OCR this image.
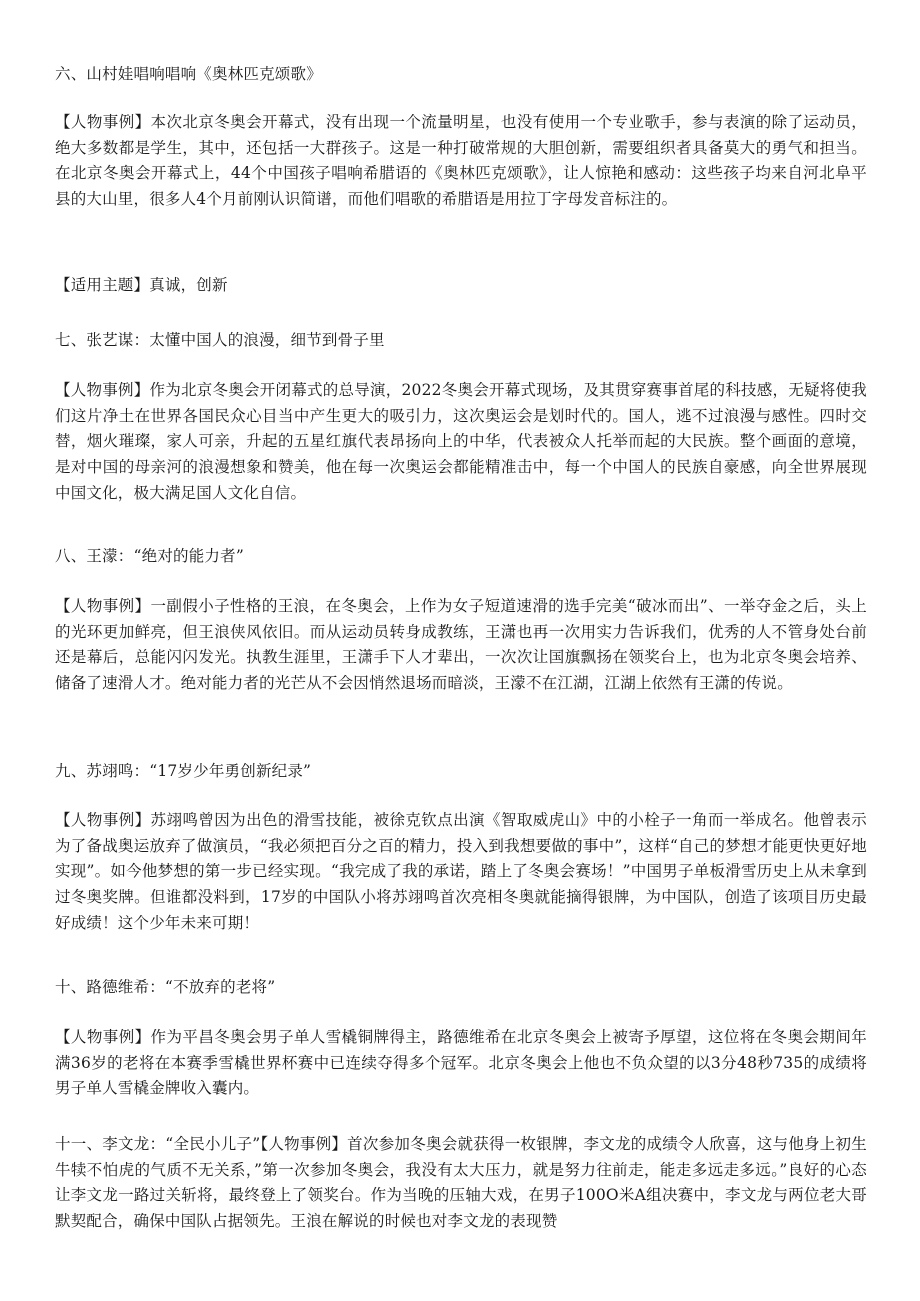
六、山村娃唱响唱响《奥林匹克颂歌》

【人物事例】本次北京冬奥会开幕式，没有出现一个流量明星，也没有使用一个专业歌手，参与表演的除了运动员，绝大多数都是学生，其中，还包括一大群孩子。这是一种打破常规的大胆创新，需要组织者具备莫大的勇气和担当。在北京冬奥会开幕式上，44个中国孩子唱响希腊语的《奥林匹克颂歌》，让人惊艳和感动：这些孩子均来自河北阜平县的大山里，很多人4个月前刚认识简谱，而他们唱歌的希腊语是用拉丁字母发音标注的。

【适用主题】真诚，创新

七、张艺谋：太懂中国人的浪漫，细节到骨子里

【人物事例】作为北京冬奥会开闭幕式的总导演，2022冬奥会开幕式现场，及其贯穿赛事首尾的科技感，无疑将使我们这片净土在世界各国民众心目当中产生更大的吸引力，这次奥运会是划时代的。国人，逃不过浪漫与感性。四时交替，烟火璀璨，家人可亲，升起的五星红旗代表昂扬向上的中华，代表被众人托举而起的大民族。整个画面的意境，是对中国的母亲河的浪漫想象和赞美，他在每一次奥运会都能精准击中，每一个中国人的民族自豪感，向全世界展现中国文化，极大满足国人文化自信。

八、王濛：“绝对的能力者”

【人物事例】一副假小子性格的王浪，在冬奥会，上作为女子短道速滑的选手完美“破冰而出”、一举夺金之后，头上的光环更加鲜亮，但王浪侠风依旧。而从运动员转身成教练，王潇也再一次用实力告诉我们，优秀的人不管身处台前还是幕后，总能闪闪发光。执教生涯里，王潇手下人才辈出，一次次让国旗飘扬在领奖台上，也为北京冬奥会培养、储备了速滑人才。绝对能力者的光芒从不会因悄然退场而暗淡，王濛不在江湖，江湖上依然有王潇的传说。

九、苏翊鸣：“17岁少年勇创新纪录”

【人物事例】苏翊鸣曾因为出色的滑雪技能，被徐克钦点出演《智取威虎山》中的小栓子一角而一举成名。他曾表示为了备战奥运放弃了做演员，“我必须把百分之百的精力，投入到我想要做的事中”，这样“自己的梦想才能更快更好地实现”。如今他梦想的第一步已经实现。“我完成了我的承诺，踏上了冬奥会赛场！”中国男子单板滑雪历史上从未拿到过冬奥奖牌。但谁都没料到，17岁的中国队小将苏翊鸣首次亮相冬奥就能摘得银牌，为中国队，创造了该项目历史最好成绩！这个少年未来可期！

十、路德维希：“不放弃的老将”

【人物事例】作为平昌冬奥会男子单人雪橇铜牌得主，路德维希在北京冬奥会上被寄予厚望，这位将在冬奥会期间年满36岁的老将在本赛季雪橇世界杯赛中已连续夺得多个冠军。北京冬奥会上他也不负众望的以3分48秒735的成绩将男子单人雪橇金牌收入囊内。

十一、李文龙：“全民小儿子”【人物事例】首次参加冬奥会就获得一枚银牌，李文龙的成绩令人欣喜，这与他身上初生牛犊不怕虎的气质不无关系，”第一次参加冬奥会，我没有太大压力，就是努力往前走，能走多远走多远。”良好的心态让李文龙一路过关斩将，最终登上了领奖台。作为当晚的压轴大戏，在男子100O米A组决赛中，李文龙与两位老大哥默契配合，确保中国队占据领先。王浪在解说的时候也对李文龙的表现赞
